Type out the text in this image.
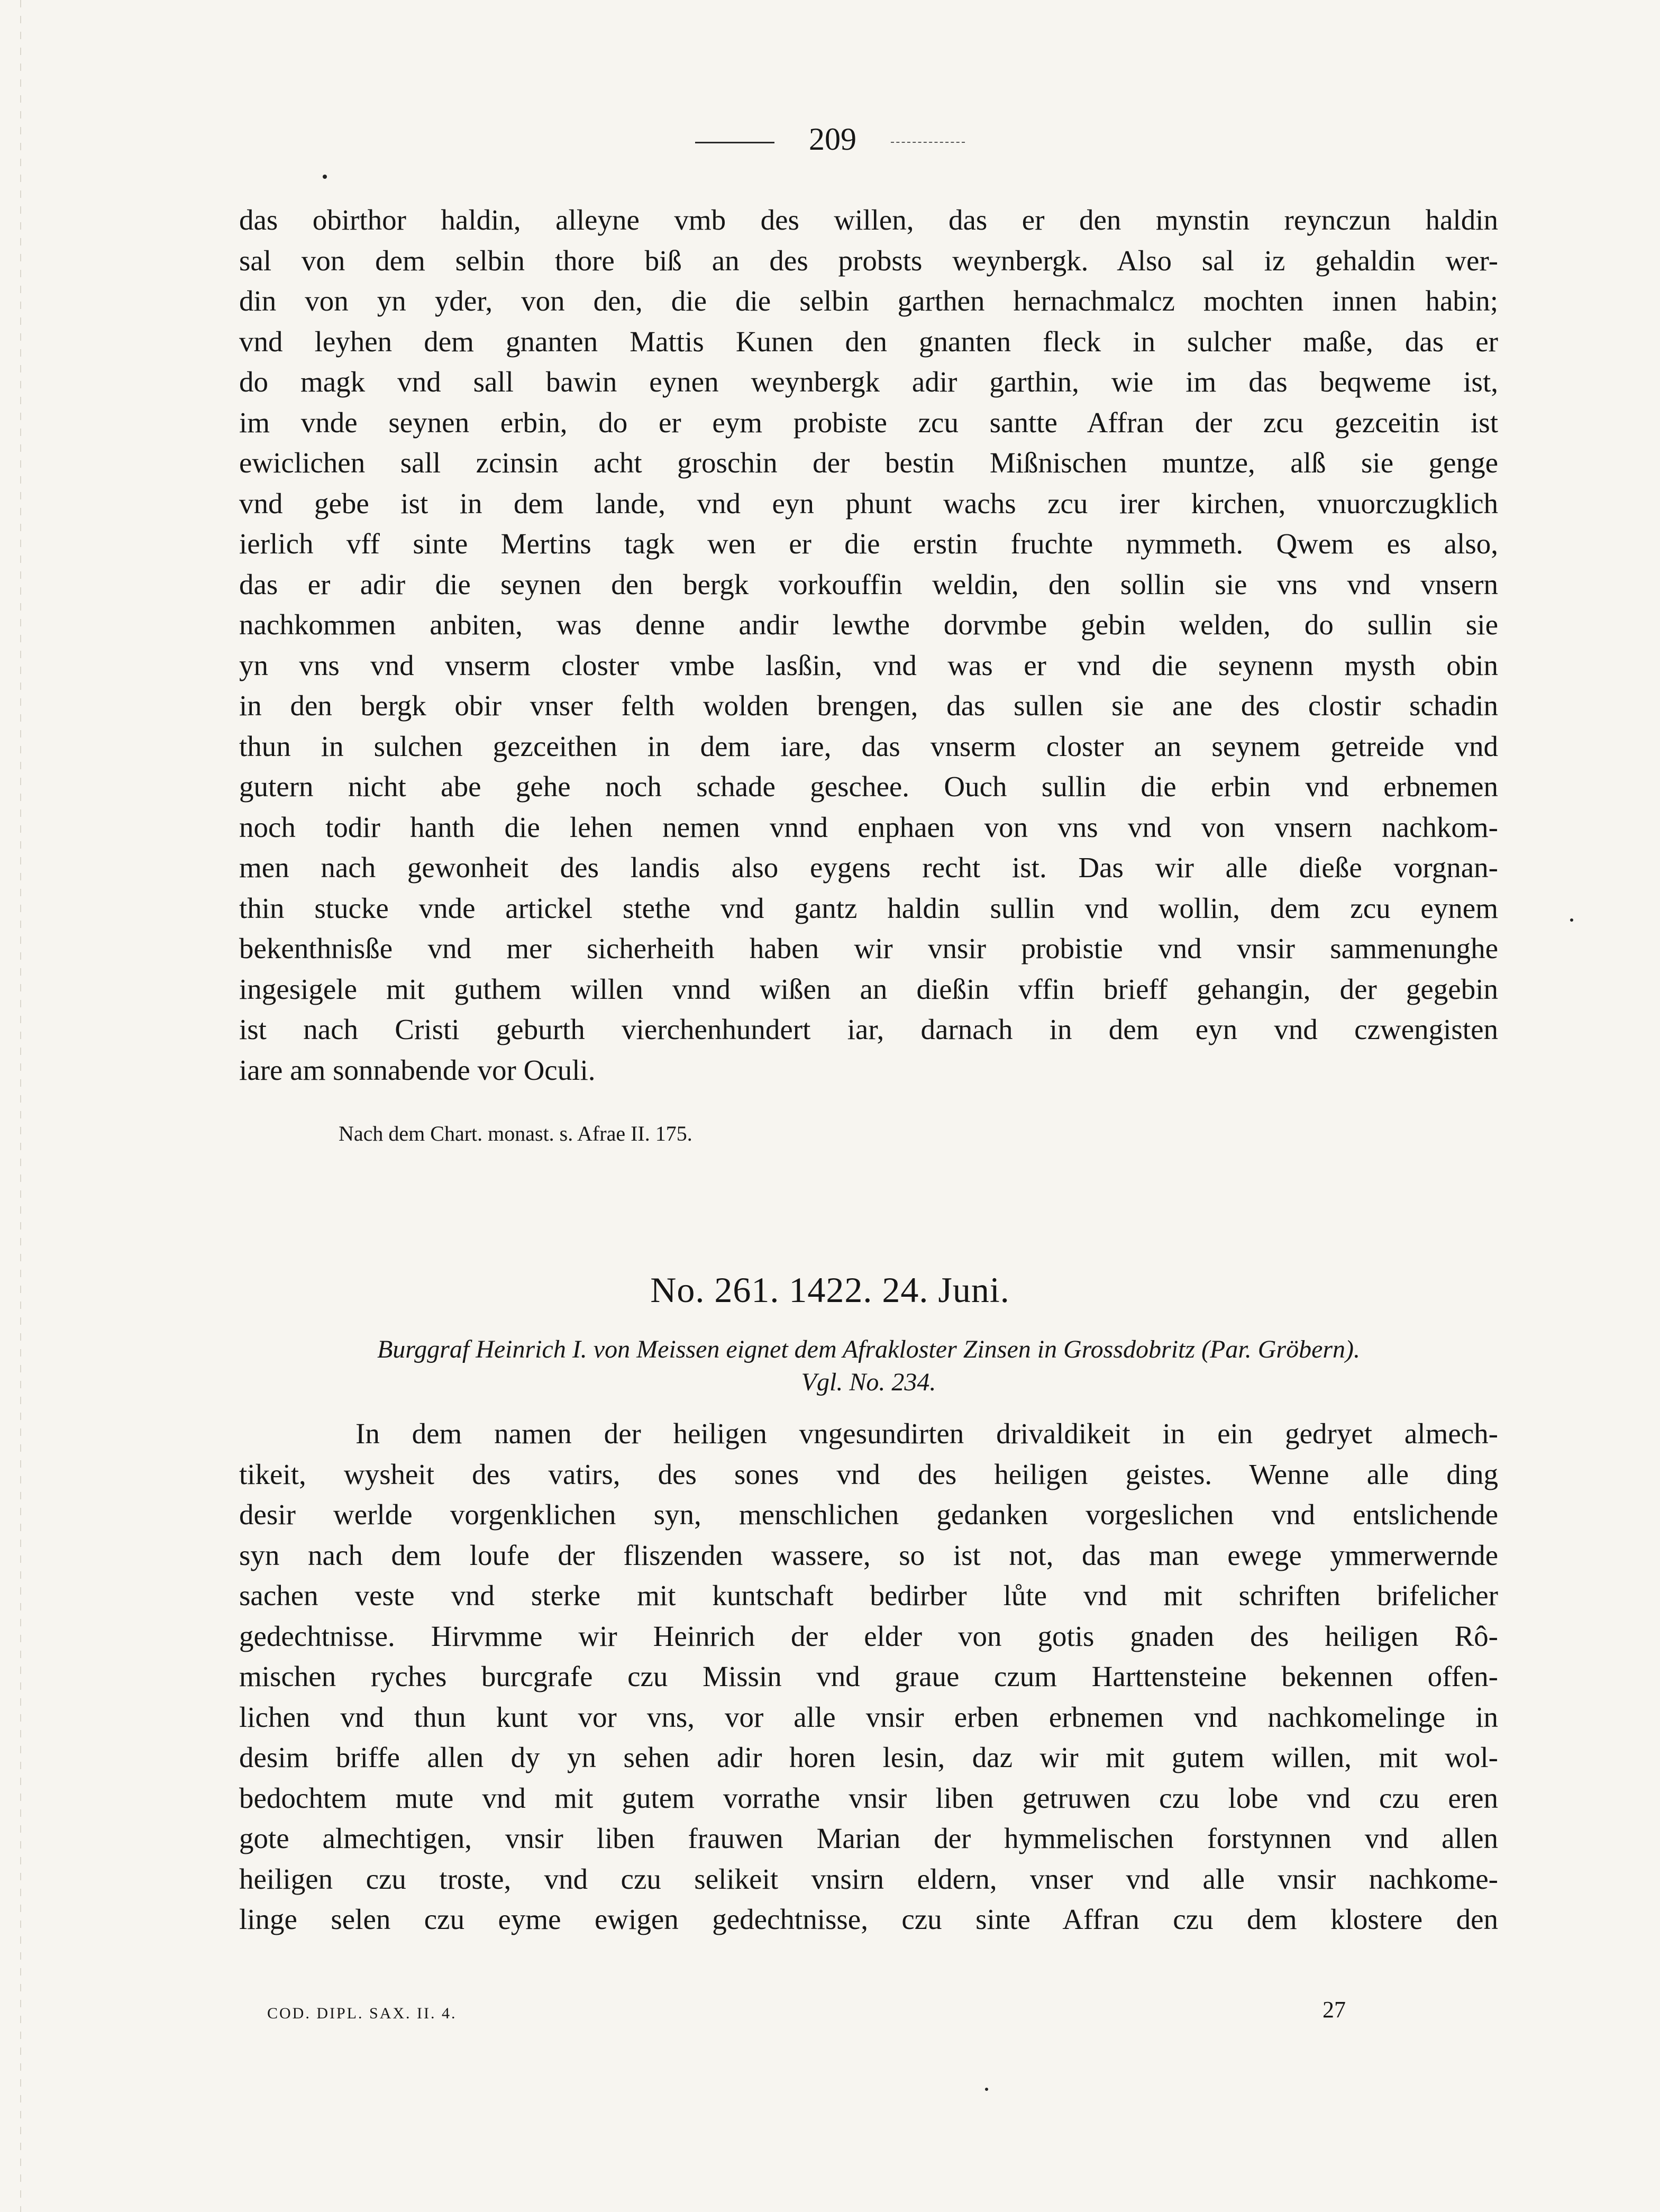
209
das obirthor haldin, alleyne vmb des willen, das er den mynstin reynczun haldin
sal von dem selbin thore biß an des probsts weynbergk. Also sal iz gehaldin wer-
din von yn yder, von den, die die selbin garthen hernachmalcz mochten innen habin;
vnd leyhen dem gnanten Mattis Kunen den gnanten fleck in sulcher maße, das er
do magk vnd sall bawin eynen weynbergk adir garthin, wie im das beqweme ist,
im vnde seynen erbin, do er eym probiste zcu santte Affran der zcu gezceitin ist
ewiclichen sall zcinsin acht groschin der bestin Mißnischen muntze, alß sie genge
vnd gebe ist in dem lande, vnd eyn phunt wachs zcu irer kirchen, vnuorczugklich
ierlich vff sinte Mertins tagk wen er die erstin fruchte nymmeth. Qwem es also,
das er adir die seynen den bergk vorkouffin weldin, den sollin sie vns vnd vnsern
nachkommen anbiten, was denne andir lewthe dorvmbe gebin welden, do sullin sie
yn vns vnd vnserm closter vmbe lasßin, vnd was er vnd die seynenn mysth obin
in den bergk obir vnser felth wolden brengen, das sullen sie ane des clostir schadin
thun in sulchen gezceithen in dem iare, das vnserm closter an seynem getreide vnd
gutern nicht abe gehe noch schade geschee. Ouch sullin die erbin vnd erbnemen
noch todir hanth die lehen nemen vnnd enphaen von vns vnd von vnsern nachkom-
men nach gewonheit des landis also eygens recht ist. Das wir alle dieße vorgnan-
thin stucke vnde artickel stethe vnd gantz haldin sullin vnd wollin, dem zcu eynem
bekenthnisße vnd mer sicherheith haben wir vnsir probistie vnd vnsir sammenunghe
ingesigele mit guthem willen vnnd wißen an dießin vffin brieff gehangin, der gegebin
ist nach Cristi geburth vierchenhundert iar, darnach in dem eyn vnd czwengisten
iare am sonnabende vor Oculi.
Nach dem Chart. monast. s. Afrae II. 175.
No. 261. 1422. 24. Juni.
Burggraf Heinrich I. von Meissen eignet dem Afrakloster Zinsen in Grossdobritz (Par. Gröbern).
Vgl. No. 234.
In dem namen der heiligen vngesundirten drivaldikeit in ein gedryet almech-
tikeit, wysheit des vatirs, des sones vnd des heiligen geistes. Wenne alle ding
desir werlde vorgenklichen syn, menschlichen gedanken vorgeslichen vnd entslichende
syn nach dem loufe der fliszenden wassere, so ist not, das man ewege ymmerwernde
sachen veste vnd sterke mit kuntschaft bedirber lůte vnd mit schriften brifelicher
gedechtnisse. Hirvmme wir Heinrich der elder von gotis gnaden des heiligen Rô-
mischen ryches burcgrafe czu Missin vnd graue czum Harttensteine bekennen offen-
lichen vnd thun kunt vor vns, vor alle vnsir erben erbnemen vnd nachkomelinge in
desim briffe allen dy yn sehen adir horen lesin, daz wir mit gutem willen, mit wol-
bedochtem mute vnd mit gutem vorrathe vnsir liben getruwen czu lobe vnd czu eren
gote almechtigen, vnsir liben frauwen Marian der hymmelischen forstynnen vnd allen
heiligen czu troste, vnd czu selikeit vnsirn eldern, vnser vnd alle vnsir nachkome-
linge selen czu eyme ewigen gedechtnisse, czu sinte Affran czu dem klostere den
COD. DIPL. SAX. II. 4.	27
